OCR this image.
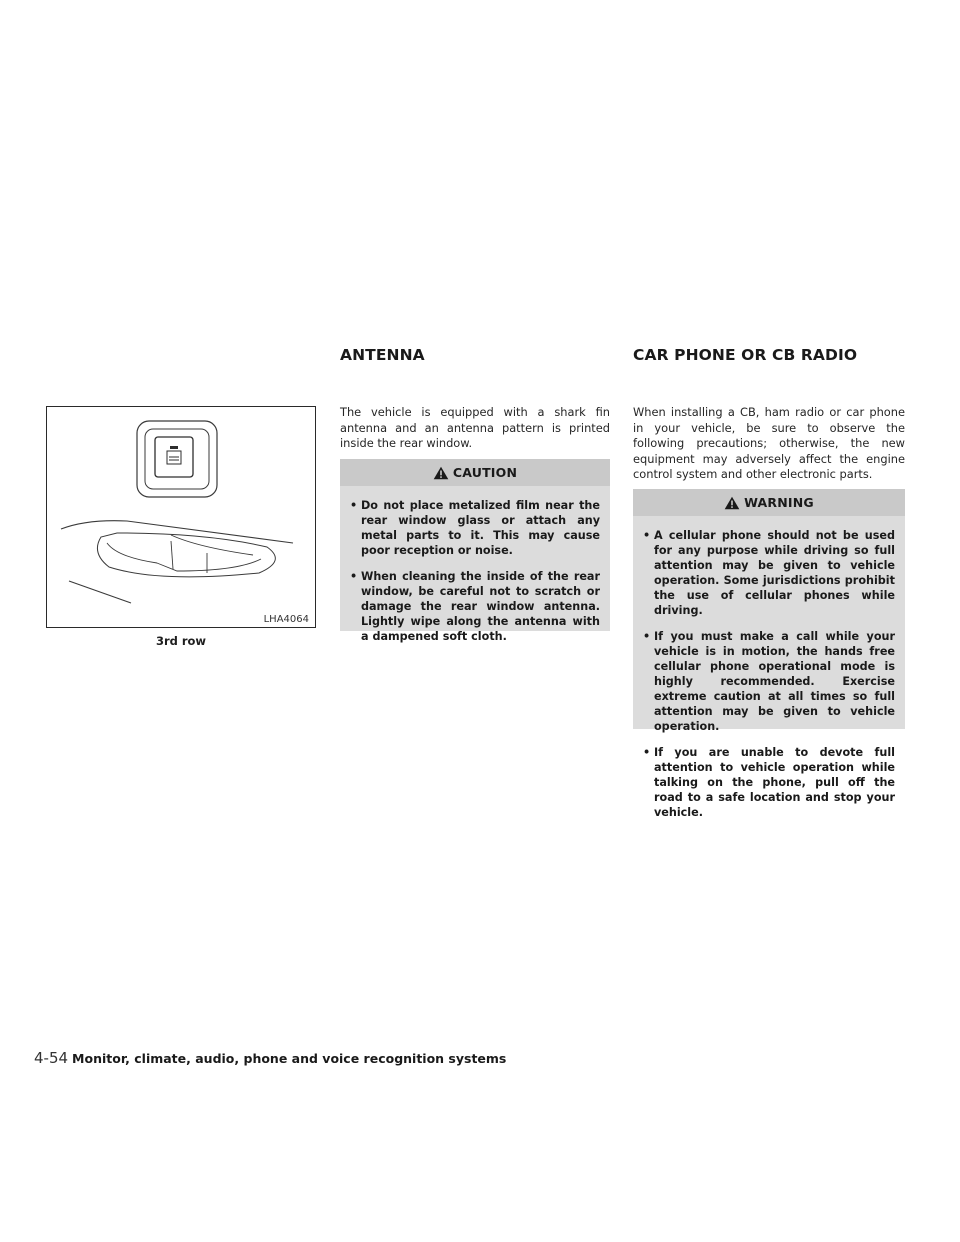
ANTENNA	CAR PHONE OR CB RADIO
LHA4064
3rd row
The vehicle is equipped with a shark fin antenna and an antenna pattern is printed inside the rear window.
CAUTION
• Do not place metalized film near the rear window glass or attach any metal parts to it. This may cause poor reception or noise.
• When cleaning the inside of the rear window, be careful not to scratch or damage the rear window antenna. Lightly wipe along the antenna with a dampened soft cloth.
When installing a CB, ham radio or car phone in your vehicle, be sure to observe the following precautions; otherwise, the new equipment may adversely affect the engine control system and other electronic parts.
WARNING
• A cellular phone should not be used for any purpose while driving so full attention may be given to vehicle operation. Some jurisdictions prohibit the use of cellular phones while driving.
• If you must make a call while your vehicle is in motion, the hands free cellular phone operational mode is highly recommended. Exercise extreme caution at all times so full attention may be given to vehicle operation.
• If you are unable to devote full attention to vehicle operation while talking on the phone, pull off the road to a safe location and stop your vehicle.
4-54 Monitor, climate, audio, phone and voice recognition systems
